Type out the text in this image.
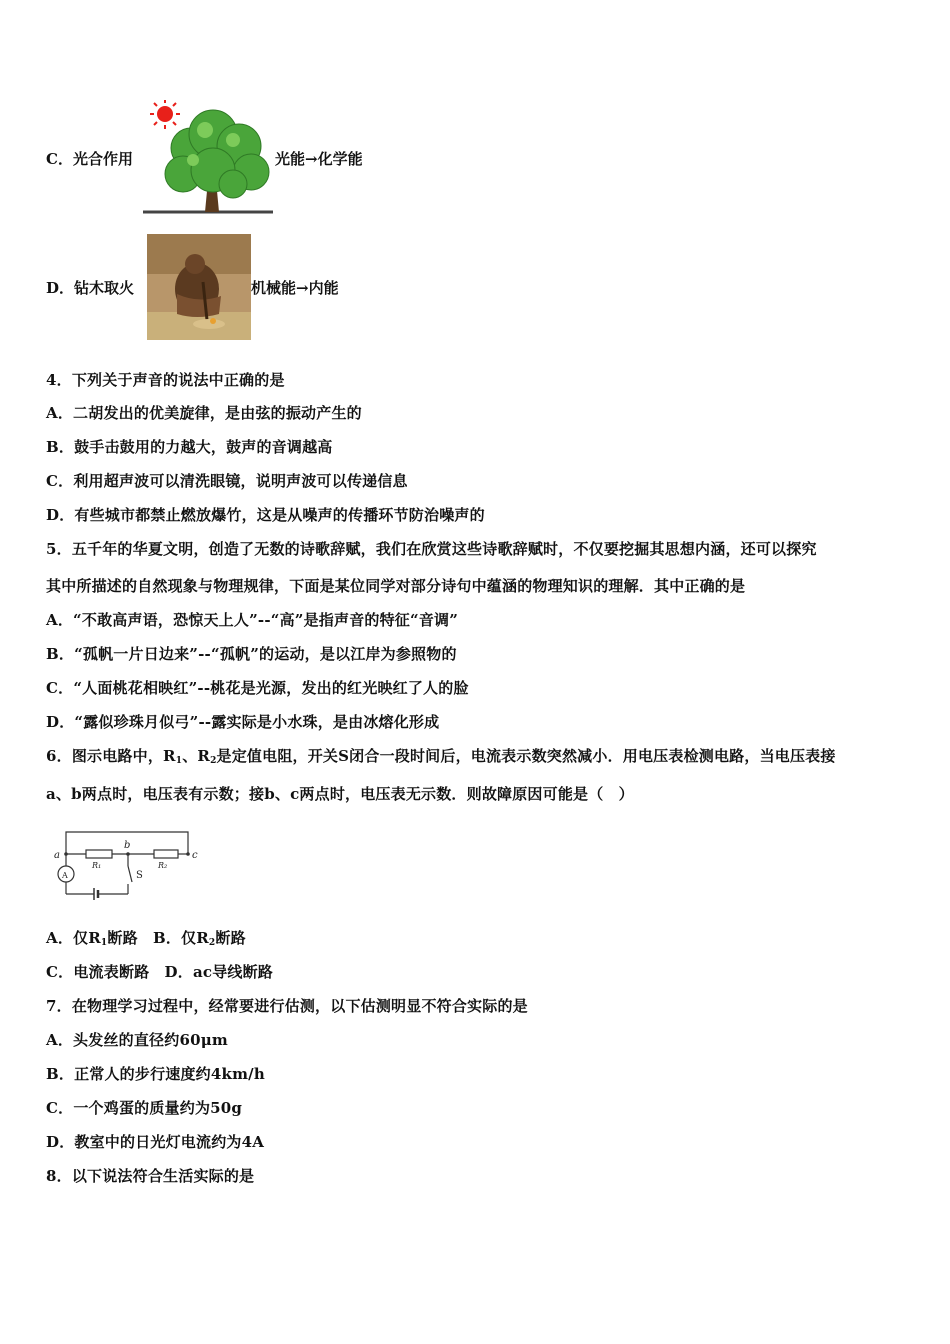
C．光合作用	光能→化学能
D．钻木取火	机械能→内能
4．下列关于声音的说法中正确的是
A．二胡发出的优美旋律，是由弦的振动产生的
B．鼓手击鼓用的力越大，鼓声的音调越高
C．利用超声波可以清洗眼镜，说明声波可以传递信息
D．有些城市都禁止燃放爆竹，这是从噪声的传播环节防治噪声的
5．五千年的华夏文明，创造了无数的诗歌辞赋，我们在欣赏这些诗歌辞赋时，不仅要挖掘其思想内涵，还可以探究
其中所描述的自然现象与物理规律，下面是某位同学对部分诗句中蕴涵的物理知识的理解．其中正确的是
A．“不敢高声语，恐惊天上人”--“高”是指声音的特征“音调”
B．“孤帆一片日边来”--“孤帆”的运动，是以江岸为参照物的
C．“人面桃花相映红”--桃花是光源，发出的红光映红了人的脸
D．“露似珍珠月似弓”--露实际是小水珠，是由冰熔化形成
6．图示电路中，$R_1$、$R_2$是定值电阻，开关S闭合一段时间后，电流表示数突然减小．用电压表检测电路，当电压表接
a、b两点时，电压表有示数；接b、c两点时，电压表无示数．则故障原因可能是（　）
a
b
c
R₁	R₂
S
A
A．仅$R_1$断路　B．仅$R_2$断路
C．电流表断路　D．ac导线断路
7．在物理学习过程中，经常要进行估测，以下估测明显不符合实际的是
A．头发丝的直径约60μm
B．正常人的步行速度约4km/h
C．一个鸡蛋的质量约为50g
D．教室中的日光灯电流约为4A
8．以下说法符合生活实际的是
